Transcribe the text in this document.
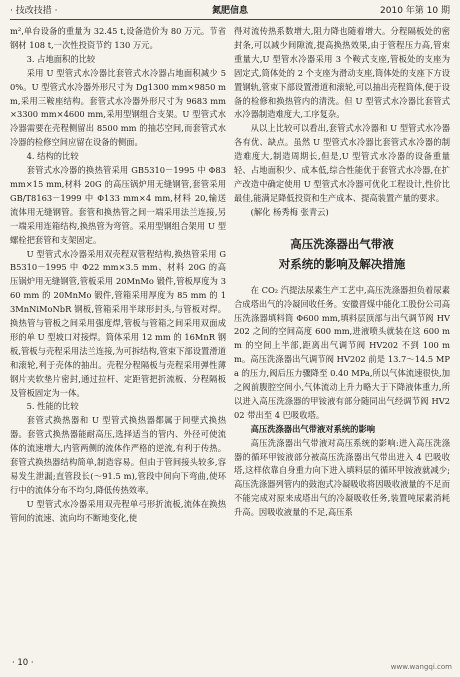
· 技改技措 ·	氮肥信息	2010 年第 10 期

m²,单台设备的重量为 32.45 t,设备造价为 80 万元。节省钢材 108 t,一次性投资节约 130 万元。

3. 占地面积的比较

采用 U 型管式水冷器比套管式水冷器占地面积减少 50%。U 型管式水冷器外形尺寸为 Dg1300 mm×9850 mm,采用三鞍座结构。套管式水冷器外形尺寸为 9683 mm×3300 mm×4600 mm,采用型钢组合支架。U 型管式水冷器需要在壳程侧留出 8500 mm 的抽芯空间,而套管式水冷器的检修空间应留在设备的侧面。

4. 结构的比较

套管式水冷器的换热管采用 GB5310－1995 中 Φ83 mm×15 mm,材料 20G 的高压锅炉用无缝钢管,套管采用 GB/T8163－1999 中 Φ133 mm×4 mm,材料 20,输送流体用无缝钢管。套管和换热管之间一端采用法兰连接,另一端采用连箱结构,换热管为弯管。采用型钢组合架用 U 型螺栓把套管和支架固定。

U 型管式水冷器采用双壳程双管程结构,换热管采用 GB5310－1995 中 Φ22 mm×3.5 mm、材料 20G 的高压锅炉用无缝钢管,管板采用 20MnMo 锻件,管板厚度为 360 mm 的 20MnMo 锻件,管箱采用厚度为 85 mm 的 13MnNiMoNbR 钢板,管箱采用半球形封头,与管板对焊。换热管与管板之间采用强度焊,管板与管箱之间采用双面成形的单 U 型坡口对接焊。筒体采用 12 mm 的 16MnR 钢板,管板与壳程采用法兰连接,为可拆结构,管束下部设置滑道和滚轮,利于壳体的抽出。壳程分程隔板与壳程采用弹性薄钢片夹软垫片密封,通过拉杆、定距管把折流板、分程隔板及管板固定为一体。

5. 性能的比较

套管式换热器和 U 型管式换热器都属于间壁式换热器。套管式换热器能耐高压,选择适当的管内、外径可使流体的流速增大,内管两侧的流体作严格的逆流,有利于传热。套管式换热器结构简单,制造容易。但由于管间接头较多,容易发生泄漏;直管段长(～91.5 m),管段中间向下弯曲,使环行中的流体分布不均匀,降低传热效率。

U 型管式水冷器采用双壳程单弓形折流板,流体在换热管间的流速、流向均不断地变化,使

得对流传热系数增大,阻力降也随着增大。分程隔板处的密封条,可以减少间隙流,提高换热效果,由于管程压力高,管束重量大,U 型管水冷器采用 3 个鞍式支座,管板处的支座为固定式,筒体处的 2 个支座为滑动支座,筒体处的支座下方设置钢轨,管束下部设置滑道和滚轮,可以抽出壳程筒体,便于设备的检修和换热管内的清洗。但 U 型管式水冷器比套管式水冷器制造难度大,工序复杂。

从以上比较可以看出,套管式水冷器和 U 型管式水冷器各有优、缺点。虽然 U 型管式水冷器比套管式水冷器的制造难度大,制造周期长,但是,U 型管式水冷器的设备重量轻、占地面积少、成本低,综合性能优于套管式水冷器,在扩产改造中确定使用 U 型管式水冷器可优化工程设计,性价比最佳,能满足降低投资和生产成本、提高装置产量的要求。

(解化 杨秀梅 张青云)

高压洗涤器出气带液
对系统的影响及解决措施

在 CO₂ 汽提法尿素生产工艺中,高压洗涤器担负着尿素合成塔出气的冷凝回收任务。安徽晋煤中能化工股份公司高压洗涤器填料筒 Φ600 mm,填料层顶部与出气调节阀 HV202 之间的空间高度 600 mm,进液喷头就装在这 600 mm 的空间上半部,距离出气调节阀 HV202 不到 100 mm。高压洗涤器出气调节阀 HV202 前是 13.7～14.5 MPa 的压力,阀后压力骤降至 0.40 MPa,所以气体流速很快,加之阀前腹腔空间小,气体流动上升力略大于下降液体重力,所以进入高压洗涤器的甲铵液有部分随同出气经调节阀 HV202 带出至 4 巴吸收塔。

高压洗涤器出气带液对系统的影响

高压洗涤器出气带液对高压系统的影响:进入高压洗涤器的循环甲铵液部分被高压洗涤器出气带出进入 4 巴吸收塔,这样依靠自身重力向下进入填料层的循环甲铵液就减少;高压洗涤器列管内的鼓泡式冷凝吸收将因吸收液量的不足而不能完成对原来成塔出气的冷凝吸收任务,装置吨尿素消耗升高。因吸收液量的不足,高压系

· 10 ·	www.wangqi.com
